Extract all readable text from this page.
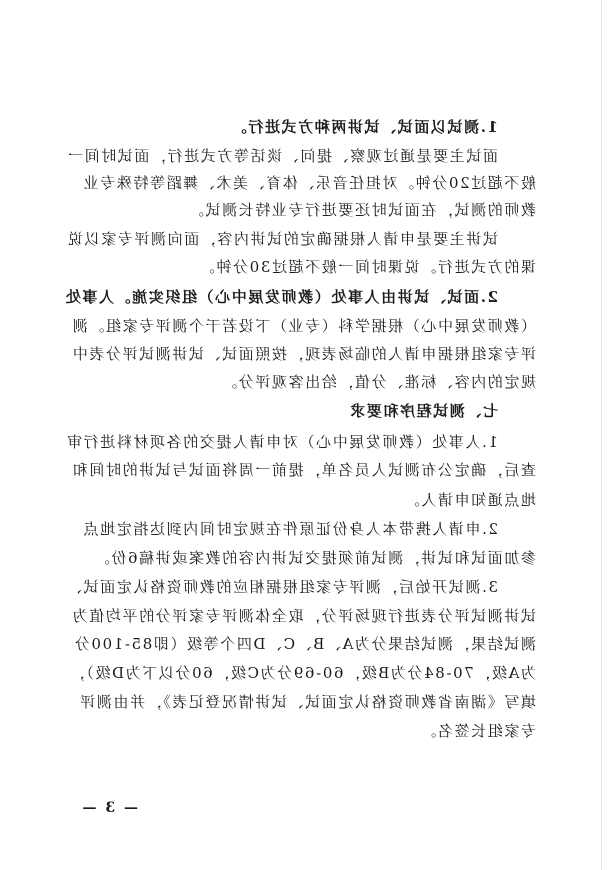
1.测试以面试、试讲两种方式进行。
面试主要是通过观察、提问、谈话等方式进行，面试时间一
般不超过20分钟。对担任音乐、体育、美术、舞蹈等特殊专业
教师的测试，在面试时还要进行专业特长测试。
试讲主要是申请人根据确定的试讲内容，面向测评专家以说
课的方式进行。说课时间一般不超过30分钟。
2.面试、试讲由人事处（教师发展中心）组织实施。人事处
（教师发展中心）根据学科（专业）下设若干个测评专家组。测
评专家组根据申请人的临场表现，按照面试、试讲测试评分表中
规定的内容、标准、分值，给出客观评分。
七、测试程序和要求
1.人事处（教师发展中心）对申请人提交的各项材料进行审
查后，确定公布测试人员名单，提前一周将面试与试讲的时间和
地点通知申请人。
2.申请人携带本人身份证原件在规定时间内到达指定地点
参加面试和试讲，测试前须提交试讲内容的教案或讲稿6份。
3.测试开始后，测评专家组根据相应的教师资格认定面试、
试讲测试评分表进行现场评分，取全体测评专家评分的平均值为
测试结果，测试结果分为A、B、C、D四个等级（即85-100分
为A级，70-84分为B级，60-69分为C级，60分以下为D级），
填写《湖南省教师资格认定面试、试讲情况登记表》，并由测评
专家组长签名。
— 3 —
